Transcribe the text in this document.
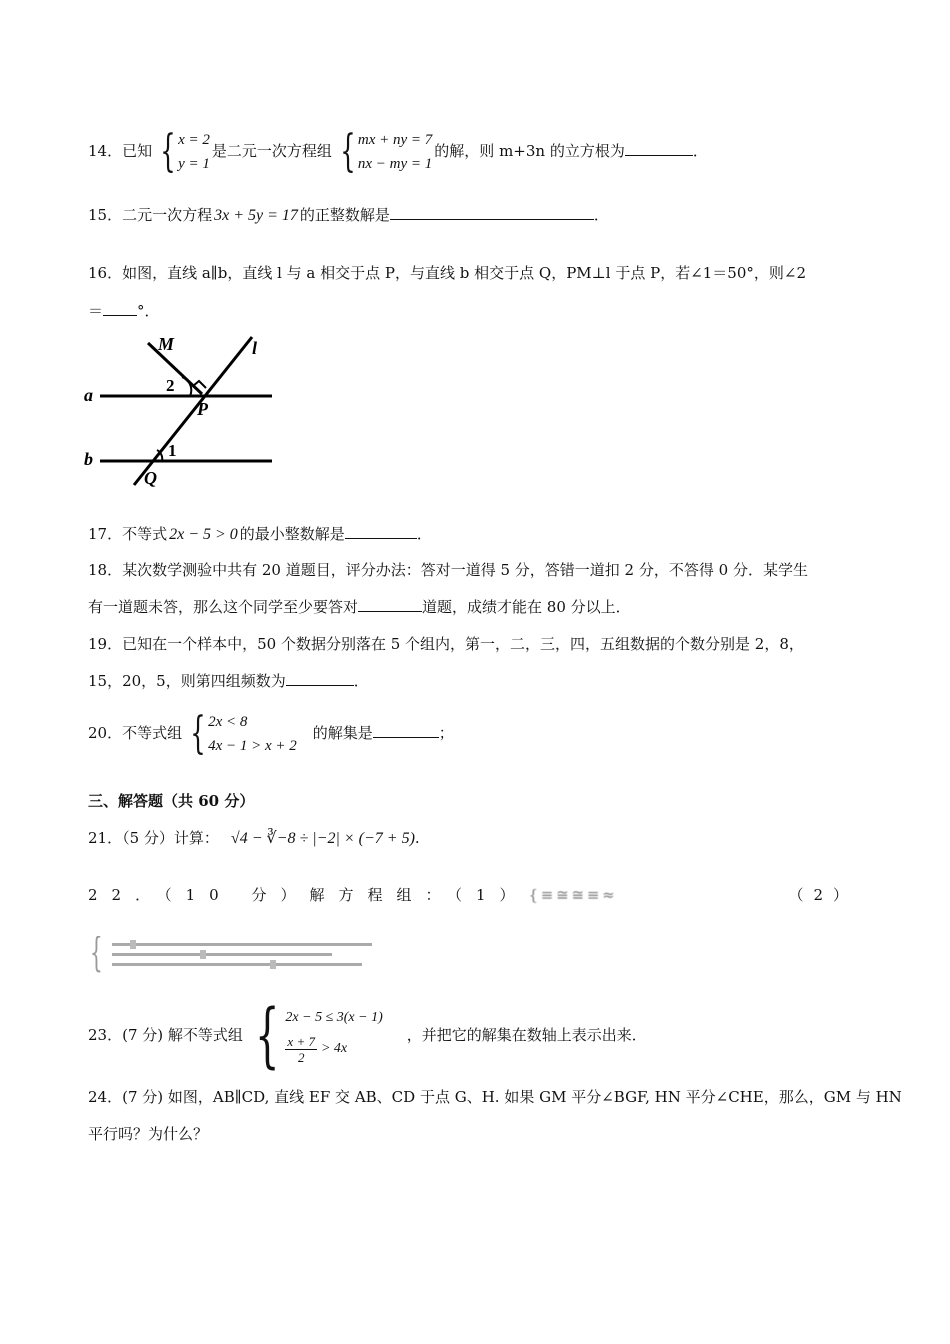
14．已知 { x = 2
y = 1
是二元一次方程组 { mx + ny = 7
nx − my = 1
的解，则 m+3n 的立方根为	．
15．二元一次方程 3x + 5y = 17 的正整数解是	．
16．如图，直线 a∥b，直线 l 与 a 相交于点 P，与直线 b 相交于点 Q，PM⊥l 于点 P，若∠1＝50°，则∠2
＝ °．
M	l
a
b
P
Q
1
2
17．不等式 2x − 5 > 0 的最小整数解是	．
18．某次数学测验中共有 20 道题目，评分办法：答对一道得 5 分，答错一道扣 2 分，不答得 0 分．某学生
有一道题未答，那么这个同学至少要答对	道题，成绩才能在 80 分以上．
19．已知在一个样本中，50 个数据分别落在 5 个组内，第一，二，三，四，五组数据的个数分别是 2，8，
15，20，5，则第四组频数为	．
20．不等式组 { 2x < 8
4x − 1 > x + 2
的解集是	；
三、解答题（共 60 分）
21．（5 分）计算： √4 − ∛−8 ÷ |−2| × (−7 + 5).
22．（10 分）解方程组：（1）{ ≡ ≅ ≅ ≡ ≈	（2）
{
23．(7 分) 解不等式组 { 2x − 5 ≤ 3(x − 1)
$\frac{x + 7}{2} > 4x$
，并把它的解集在数轴上表示出来．
24．(7 分) 如图，AB∥CD, 直线 EF 交 AB、CD 于点 G、H. 如果 GM 平分∠BGF, HN 平分∠CHE，那么，GM 与 HN
平行吗？为什么？
